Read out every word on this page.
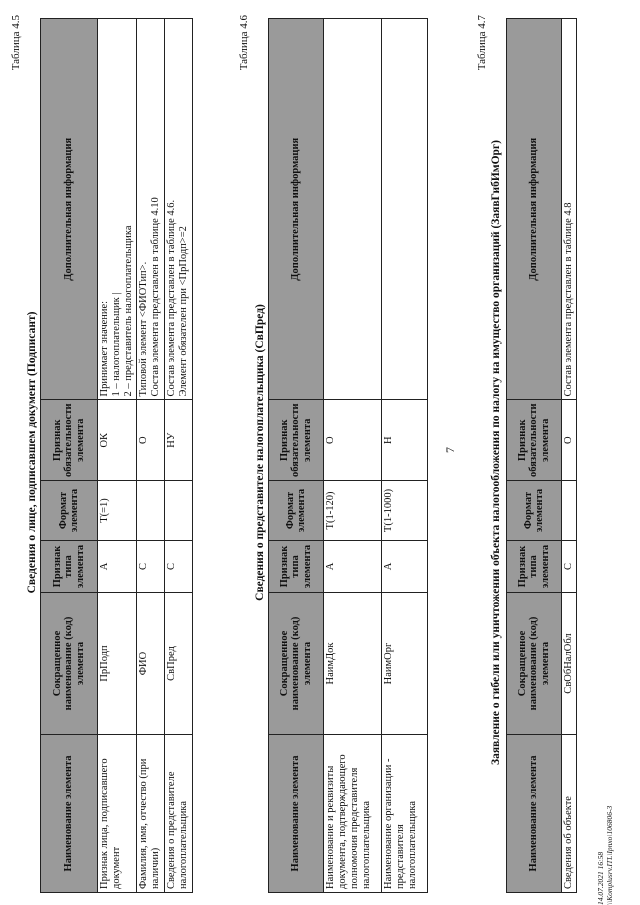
7
Таблица 4.5
Сведения о лице, подписавшем документ (Подписант)
Наименование элемента	Сокращенное наименование (код) элемента	Признак типа элемента	Формат элемента	Признак обязательности элемента	Дополнительная информация
Признак лица, подписавшего документ	ПрПодп	А	Т(=1)	ОК	Принимает значение: 1 – налогоплательщик | 2 – представитель налогоплательщика

Фамилия, имя, отчество (при наличии)	ФИО	С		О	Типовой элемент <ФИОТип>. Состав элемента представлен в таблице 4.10

Сведения о представителе налогоплательщика	СвПред	С		НУ	Состав элемента представлен в таблице 4.6. Элемент обязателен при <ПрПодп>=2
Таблица 4.6
Сведения о представителе налогоплательщика (СвПред)
Наименование элемента	Сокращенное наименование (код) элемента	Признак типа элемента	Формат элемента	Признак обязательности элемента	Дополнительная информация
Наименование и реквизиты документа, подтверждающего полномочия представителя налогоплательщика	НаимДок	А	Т(1-120)	О	
Наименование организации - представителя налогоплательщика	НаимОрг	А	Т(1-1000)	Н	
Таблица 4.7
Заявление о гибели или уничтожении объекта налогообложения по налогу на имущество организаций (ЗаявГибИмОрг)
Наименование элемента	Сокращенное наименование (код) элемента	Признак типа элемента	Формат элемента	Признак обязательности элемента	Дополнительная информация
Сведения об объекте	СвОбНалОбл	С		О	Состав элемента представлен в таблице 4.8
14.07.2021 16:58 \\Komplusrv.ITL\Ipnxo\106806-3
